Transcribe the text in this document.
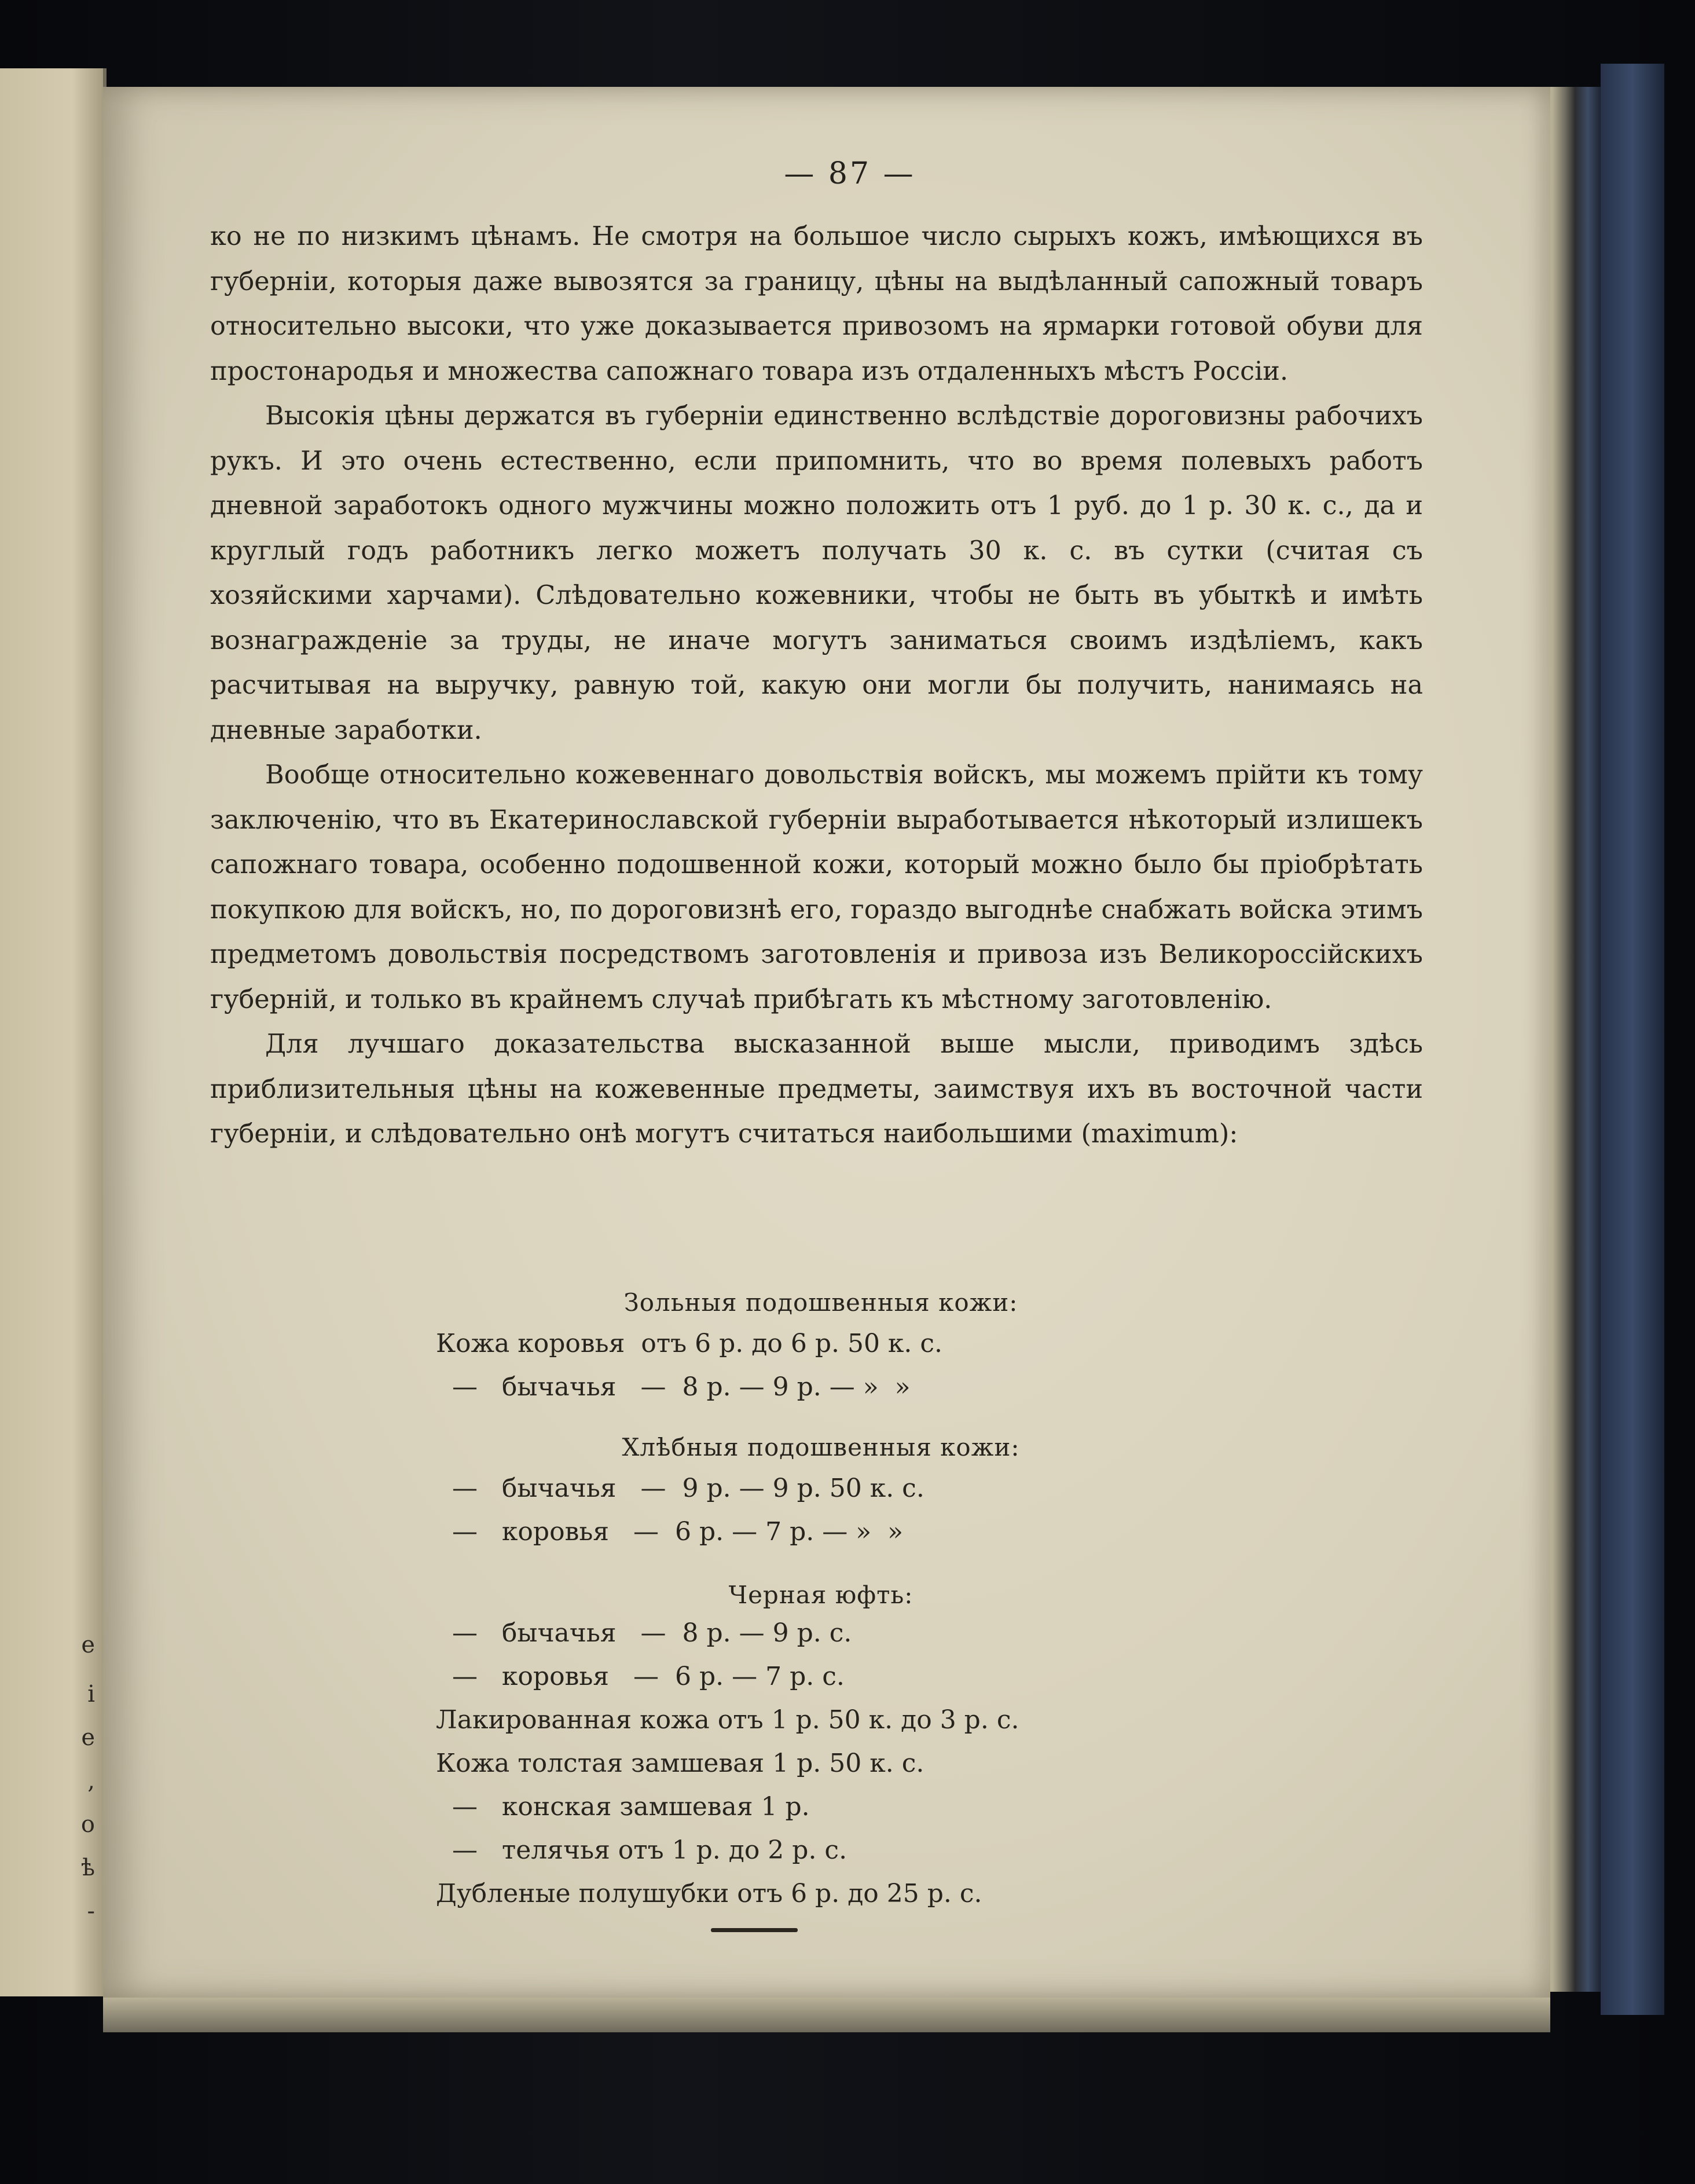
е
і
е
,
о
ѣ
-
— 87 —

ко не по низкимъ цѣнамъ. Не смотря на большое число сырыхъ кожъ, имѣющихся въ губерніи, которыя даже вывозятся за границу, цѣны на выдѣланный сапожный товаръ относительно высоки, что уже доказывается привозомъ на ярмарки готовой обуви для простонародья и множества сапожнаго товара изъ отдаленныхъ мѣстъ Россіи.

Высокія цѣны держатся въ губерніи единственно вслѣдствіе дороговизны рабочихъ рукъ. И это очень естественно, если припомнить, что во время полевыхъ работъ дневной заработокъ одного мужчины можно положить отъ 1 руб. до 1 р. 30 к. с., да и круглый годъ работникъ легко можетъ получать 30 к. с. въ сутки (считая съ хозяйскими харчами). Слѣдовательно кожевники, чтобы не быть въ убыткѣ и имѣть вознагражденіе за труды, не иначе могутъ заниматься своимъ издѣліемъ, какъ расчитывая на выручку, равную той, какую они могли бы получить, нанимаясь на дневные заработки.

Вообще относительно кожевеннаго довольствія войскъ, мы можемъ прійти къ тому заключенію, что въ Екатеринославской губерніи выработывается нѣкоторый излишекъ сапожнаго товара, особенно подошвенной кожи, который можно было бы пріобрѣтать покупкою для войскъ, но, по дороговизнѣ его, гораздо выгоднѣе снабжать войска этимъ предметомъ довольствія посредствомъ заготовленія и привоза изъ Великороссійскихъ губерній, и только въ крайнемъ случаѣ прибѣгать къ мѣстному заготовленію.

Для лучшаго доказательства высказанной выше мысли, приводимъ здѣсь приблизительныя цѣны на кожевенные предметы, заимствуя ихъ въ восточной части губерніи, и слѣдовательно онѣ могутъ считаться наибольшими (maximum):

Зольныя подошвенныя кожи:
Кожа коровья  отъ 6 р. до 6 р. 50 к. с.
—   бычачья   —  8 р. — 9 р. — »  »
Хлѣбныя подошвенныя кожи:
—   бычачья   —  9 р. — 9 р. 50 к. с.
—   коровья   —  6 р. — 7 р. — »  »
Черная юфть:
—   бычачья   —  8 р. — 9 р. с.
—   коровья   —  6 р. — 7 р. с.
Лакированная кожа отъ 1 р. 50 к. до 3 р. с.
Кожа толстая замшевая 1 р. 50 к. с.
—   конская замшевая 1 р.
—   телячья отъ 1 р. до 2 р. с.
Дубленые полушубки отъ 6 р. до 25 р. с.
